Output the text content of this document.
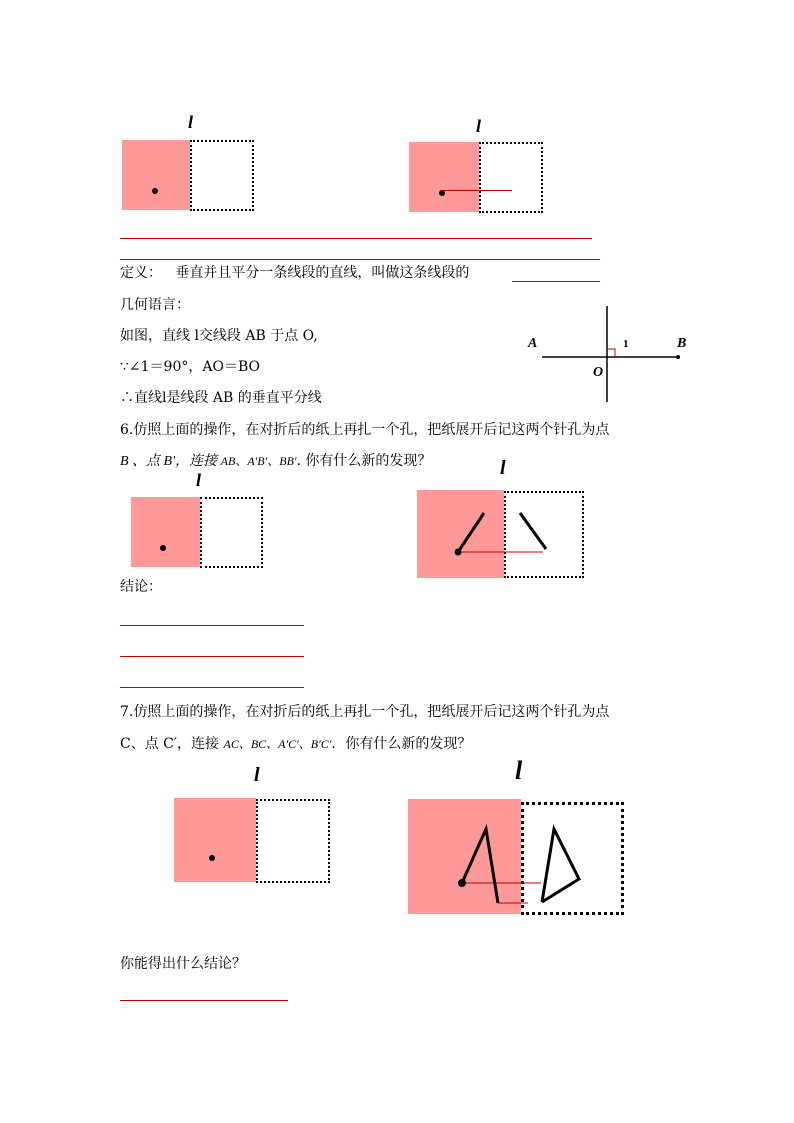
l	l
定义： 垂直并且平分一条线段的直线，叫做这条线段的
几何语言：
如图，直线 l交线段 AB 于点 O,
∵∠1＝90°，AO＝BO
∴直线l是线段 AB 的垂直平分线
A	B
O
1
6.仿照上面的操作，在对折后的纸上再扎一个孔，把纸展开后记这两个针孔为点
B 、点 B′，连接 AB、A′B′、BB′. 你有什么新的发现？
l
l
结论：
7.仿照上面的操作，在对折后的纸上再扎一个孔，把纸展开后记这两个针孔为点
C、点 C′，连接 AC、BC、A′C′、B′C′．你有什么新的发现？
l	l
你能得出什么结论？
